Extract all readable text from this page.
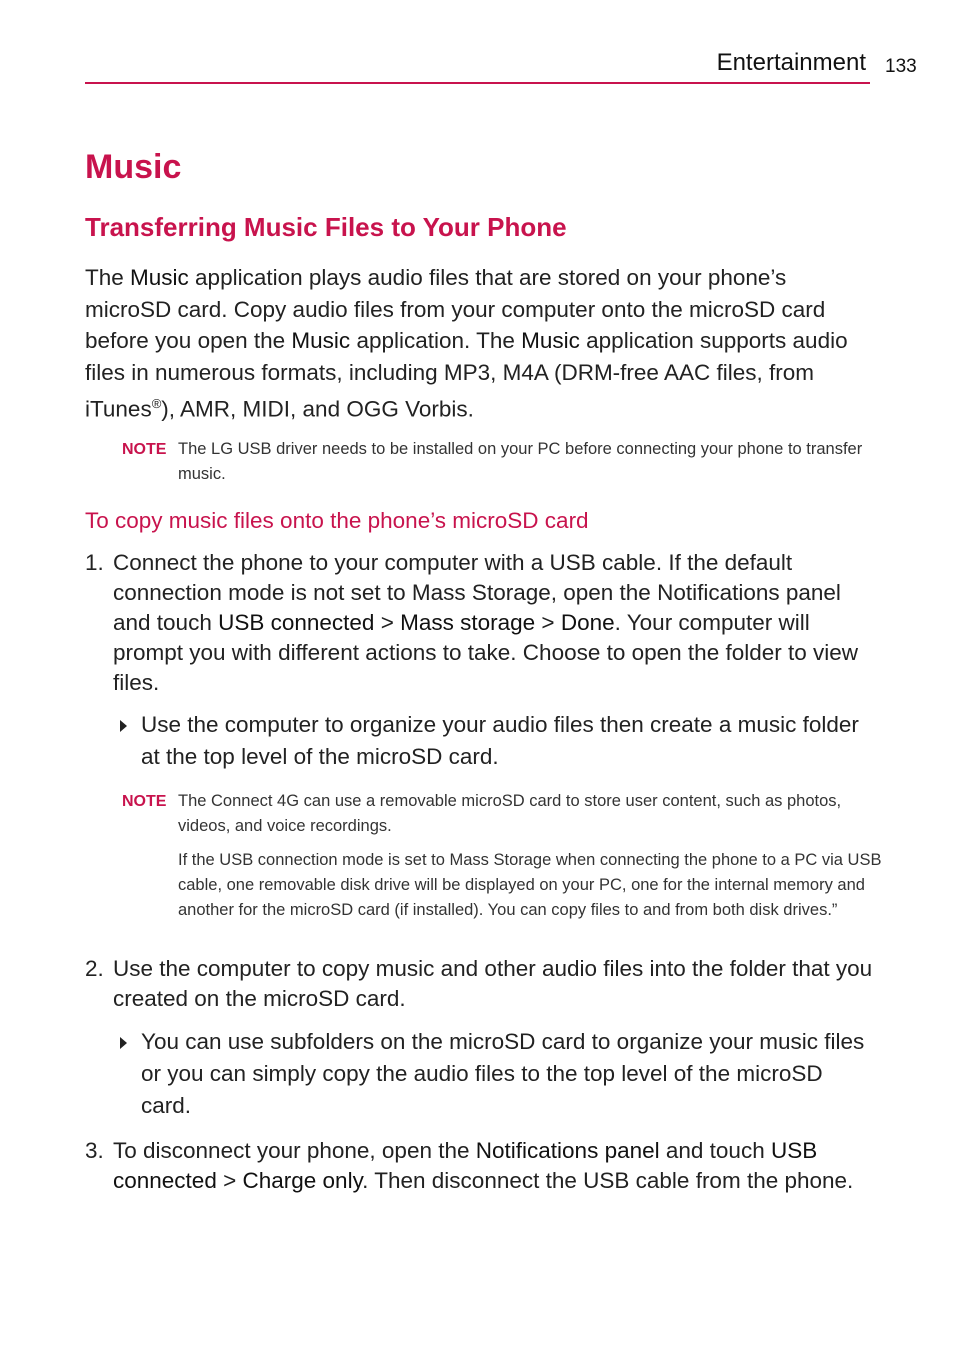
Entertainment 133
Music
Transferring Music Files to Your Phone

The Music application plays audio files that are stored on your phone’s microSD card. Copy audio files from your computer onto the microSD card before you open the Music application. The Music application supports audio files in numerous formats, including MP3, M4A (DRM-free AAC files, from iTunes®), AMR, MIDI, and OGG Vorbis.

NOTE The LG USB driver needs to be installed on your PC before connecting your phone to transfer music.

To copy music files onto the phone’s microSD card
1. Connect the phone to your computer with a USB cable. If the default connection mode is not set to Mass Storage, open the Notifications panel and touch USB connected > Mass storage > Done. Your computer will prompt you with different actions to take. Choose to open the folder to view files.
Use the computer to organize your audio files then create a music folder at the top level of the microSD card.
NOTE The Connect 4G can use a removable microSD card to store user content, such as photos, videos, and voice recordings.

If the USB connection mode is set to Mass Storage when connecting the phone to a PC via USB cable, one removable disk drive will be displayed on your PC, one for the internal memory and another for the microSD card (if installed). You can copy files to and from both disk drives.”

2. Use the computer to copy music and other audio files into the folder that you created on the microSD card.
You can use subfolders on the microSD card to organize your music files or you can simply copy the audio files to the top level of the microSD card.
3. To disconnect your phone, open the Notifications panel and touch USB connected > Charge only. Then disconnect the USB cable from the phone.
